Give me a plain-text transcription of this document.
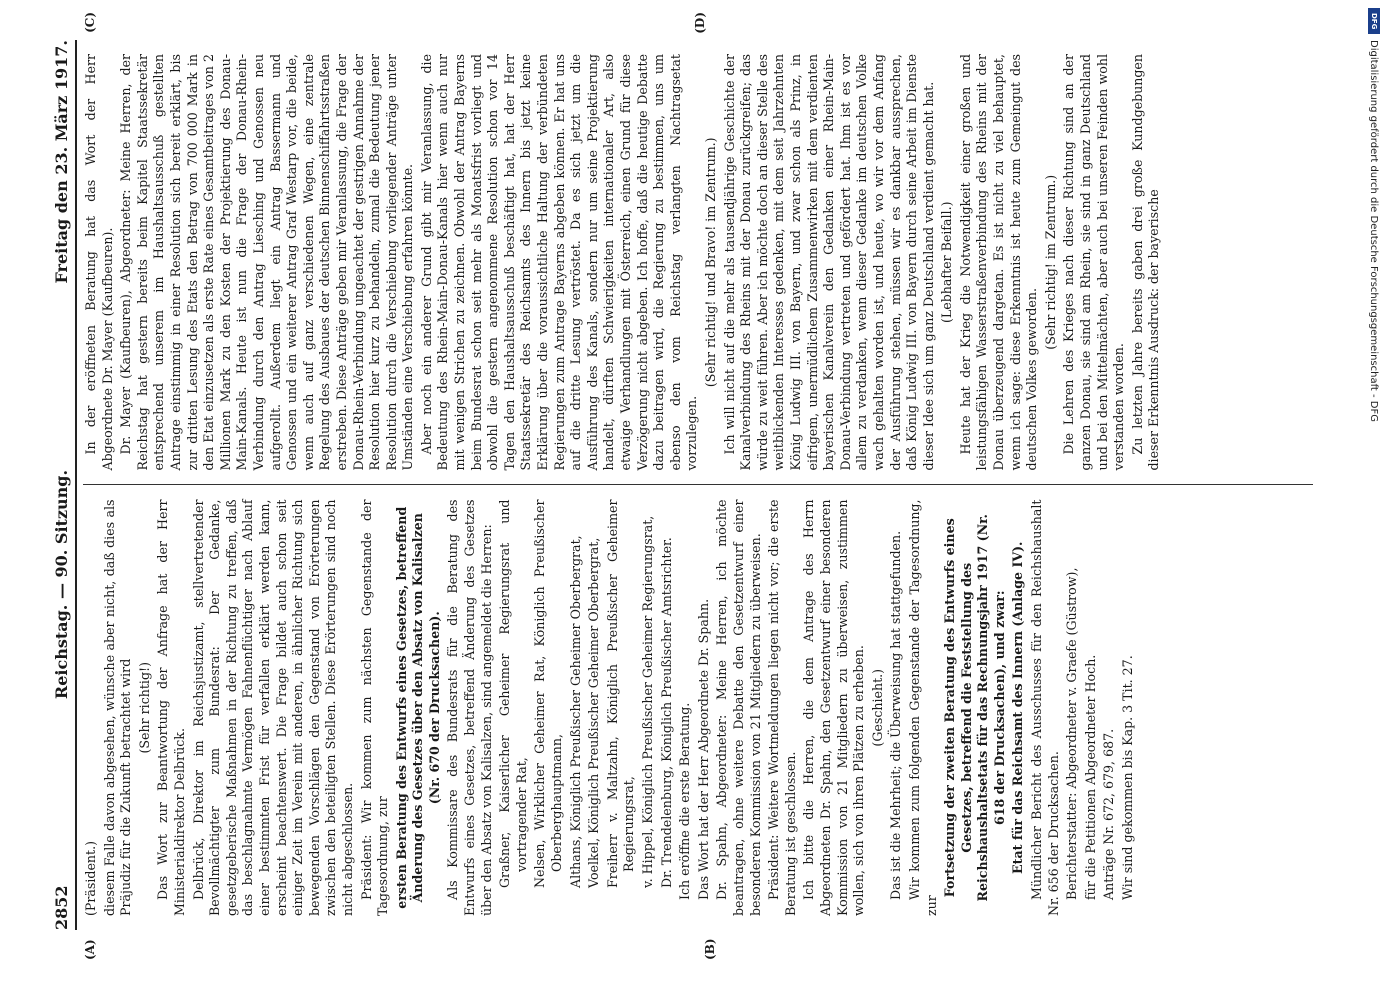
2852
Reichstag. — 90. Sitzung.
Freitag den 23. März 1917.
(A)	(B)
(C)	(D)

(Präsident.) diesem Falle davon abgesehen, wünsche aber nicht, daß dies als Präjudiz für die Zukunft betrachtet wird (Sehr richtig!) Das Wort zur Beantwortung der Anfrage hat der Herr Ministerialdirektor Delbrück. Delbrück, Direktor im Reichsjustizamt, stellvertretender Bevollmächtigter zum Bundesrat: Der Gedanke, gesetzgeberische Maßnahmen in der Richtung zu treffen, daß das beschlagnahmte Vermögen Fahnenflüchtiger nach Ablauf einer bestimmten Frist für verfallen erklärt werden kann, erscheint beachtenswert. Die Frage bildet auch schon seit einiger Zeit im Verein mit anderen, in ähnlicher Richtung sich bewegenden Vorschlägen den Gegenstand von Erörterungen zwischen den beteiligten Stellen. Diese Erörterungen sind noch nicht abgeschlossen. Präsident: Wir kommen zum nächsten Gegenstande der Tagesordnung, zur ersten Beratung des Entwurfs eines Gesetzes, betreffend Änderung des Gesetzes über den Absatz von Kalisalzen (Nr. 670 der Drucksachen). Als Kommissare des Bundesrats für die Beratung des Entwurfs eines Gesetzes, betreffend Änderung des Gesetzes über den Absatz von Kalisalzen, sind angemeldet die Herren: Graßner, Kaiserlicher Geheimer Regierungsrat und vortragender Rat, Nelsen, Wirklicher Geheimer Rat, Königlich Preußischer Oberberghauptmann, Althans, Königlich Preußischer Geheimer Oberbergrat, Voelkel, Königlich Preußischer Geheimer Oberbergrat, Freiherr v. Maltzahn, Königlich Preußischer Geheimer Regierungsrat, v. Hippel, Königlich Preußischer Geheimer Regierungsrat, Dr. Trendelenburg, Königlich Preußischer Amtsrichter. Ich eröffne die erste Beratung. Das Wort hat der Herr Abgeordnete Dr. Spahn. Dr. Spahn, Abgeordneter: Meine Herren, ich möchte beantragen, ohne weitere Debatte den Gesetzentwurf einer besonderen Kommission von 21 Mitgliedern zu überweisen. Präsident: Weitere Wortmeldungen liegen nicht vor; die erste Beratung ist geschlossen. Ich bitte die Herren, die dem Antrage des Herrn Abgeordneten Dr. Spahn, den Gesetzentwurf einer besonderen Kommission von 21 Mitgliedern zu überweisen, zustimmen wollen, sich von ihren Plätzen zu erheben. (Geschieht.) Das ist die Mehrheit; die Überweisung hat stattgefunden. Wir kommen zum folgenden Gegenstande der Tagesordnung, zur

Fortsetzung der zweiten Beratung des Entwurfs eines Gesetzes, betreffend die Feststellung des Reichshaushaltsetats für das Rechnungsjahr 1917 (Nr. 618 der Drucksachen), und zwar: Etat für das Reichsamt des Innern (Anlage IV). Mündlicher Bericht des Ausschusses für den Reichshaushalt Nr. 656 der Drucksachen. Berichterstatter: Abgeordneter v. Graefe (Güstrow), für die Petitionen Abgeordneter Hoch. Anträge Nr. 672, 679, 687. Wir sind gekommen bis Kap. 3 Tit. 27.

In der eröffneten Beratung hat das Wort der Herr Abgeordnete Dr. Mayer (Kaufbeuren). Dr. Mayer (Kaufbeuren), Abgeordneter: Meine Herren, der Reichstag hat gestern bereits beim Kapitel Staatssekretär entsprechend unserem im Haushaltsausschuß gestellten Antrage einstimmig in einer Resolution sich bereit erklärt, bis zur dritten Lesung des Etats den Betrag von 700 000 Mark in den Etat einzusetzen als erste Rate eines Gesamtbeitrages von 2 Millionen Mark zu den Kosten der Projektierung des Donau-Main-Kanals. Heute ist nun die Frage der Donau-Rhein-Verbindung durch den Antrag Liesching und Genossen neu aufgerollt. Außerdem liegt ein Antrag Bassermann und Genossen und ein weiterer Antrag Graf Westarp vor, die beide, wenn auch auf ganz verschiedenen Wegen, eine zentrale Regelung des Ausbaues der deutschen Binnenschiffahrtsstraßen erstreben. Diese Anträge geben mir Veranlassung, die Frage der Donau-Rhein-Verbindung ungeachtet der gestrigen Annahme der Resolution hier kurz zu behandeln, zumal die Bedeutung jener Resolution durch die Verschiebung vorliegender Anträge unter Umständen eine Verschiebung erfahren könnte. Aber noch ein anderer Grund gibt mir Veranlassung, die Bedeutung des Rhein-Main-Donau-Kanals hier wenn auch nur mit wenigen Strichen zu zeichnen. Obwohl der Antrag Bayerns beim Bundesrat schon seit mehr als Monatsfrist vorliegt und obwohl die gestern angenommene Resolution schon vor 14 Tagen den Haushaltsausschuß beschäftigt hat, hat der Herr Staatssekretär des Reichsamts des Innern bis jetzt keine Erklärung über die voraussichtliche Haltung der verbündeten Regierungen zum Antrage Bayerns abgeben können. Er hat uns auf die dritte Lesung vertröstet. Da es sich jetzt um die Ausführung des Kanals, sondern nur um seine Projektierung handelt, dürften Schwierigkeiten internationaler Art, also etwaige Verhandlungen mit Österreich, einen Grund für diese Verzögerung nicht abgeben. Ich hoffe, daß die heutige Debatte dazu beitragen wird, die Regierung zu bestimmen, uns um ebenso den vom Reichstag verlangten Nachtragsetat vorzulegen.

(Sehr richtig! und Bravo! im Zentrum.) Ich will nicht auf die mehr als tausendjährige Geschichte der Kanalverbindung des Rheins mit der Donau zurückgreifen; das würde zu weit führen. Aber ich möchte doch an dieser Stelle des weitblickenden Interesses gedenken, mit dem seit Jahrzehnten König Ludwig III. von Bayern, und zwar schon als Prinz, in eifrigem, unermüdlichem Zusammenwirken mit dem verdienten bayerischen Kanalverein den Gedanken einer Rhein-Main-Donau-Verbindung vertreten und gefördert hat. Ihm ist es vor allem zu verdanken, wenn dieser Gedanke im deutschen Volke wach gehalten worden ist, und heute, wo wir vor dem Anfang der Ausführung stehen, müssen wir es dankbar aussprechen, daß König Ludwig III. von Bayern durch seine Arbeit im Dienste dieser Idee sich um ganz Deutschland verdient gemacht hat. (Lebhafter Beifall.) Heute hat der Krieg die Notwendigkeit einer großen und leistungsfähigen Wasserstraßenverbindung des Rheins mit der Donau überzeugend dargetan. Es ist nicht zu viel behauptet, wenn ich sage: diese Erkenntnis ist heute zum Gemeingut des deutschen Volkes geworden.

(Sehr richtig! im Zentrum.) Die Lehren des Krieges nach dieser Richtung sind an der ganzen Donau, sie sind am Rhein, sie sind in ganz Deutschland und bei den Mittelmächten, aber auch bei unseren Feinden wohl verstanden worden. Zu letzten Jahre bereits gaben drei große Kundgebungen dieser Erkenntnis Ausdruck: der bayerische

DFG
Digitalisierung gefördert durch die Deutsche Forschungsgemeinschaft - DFG
